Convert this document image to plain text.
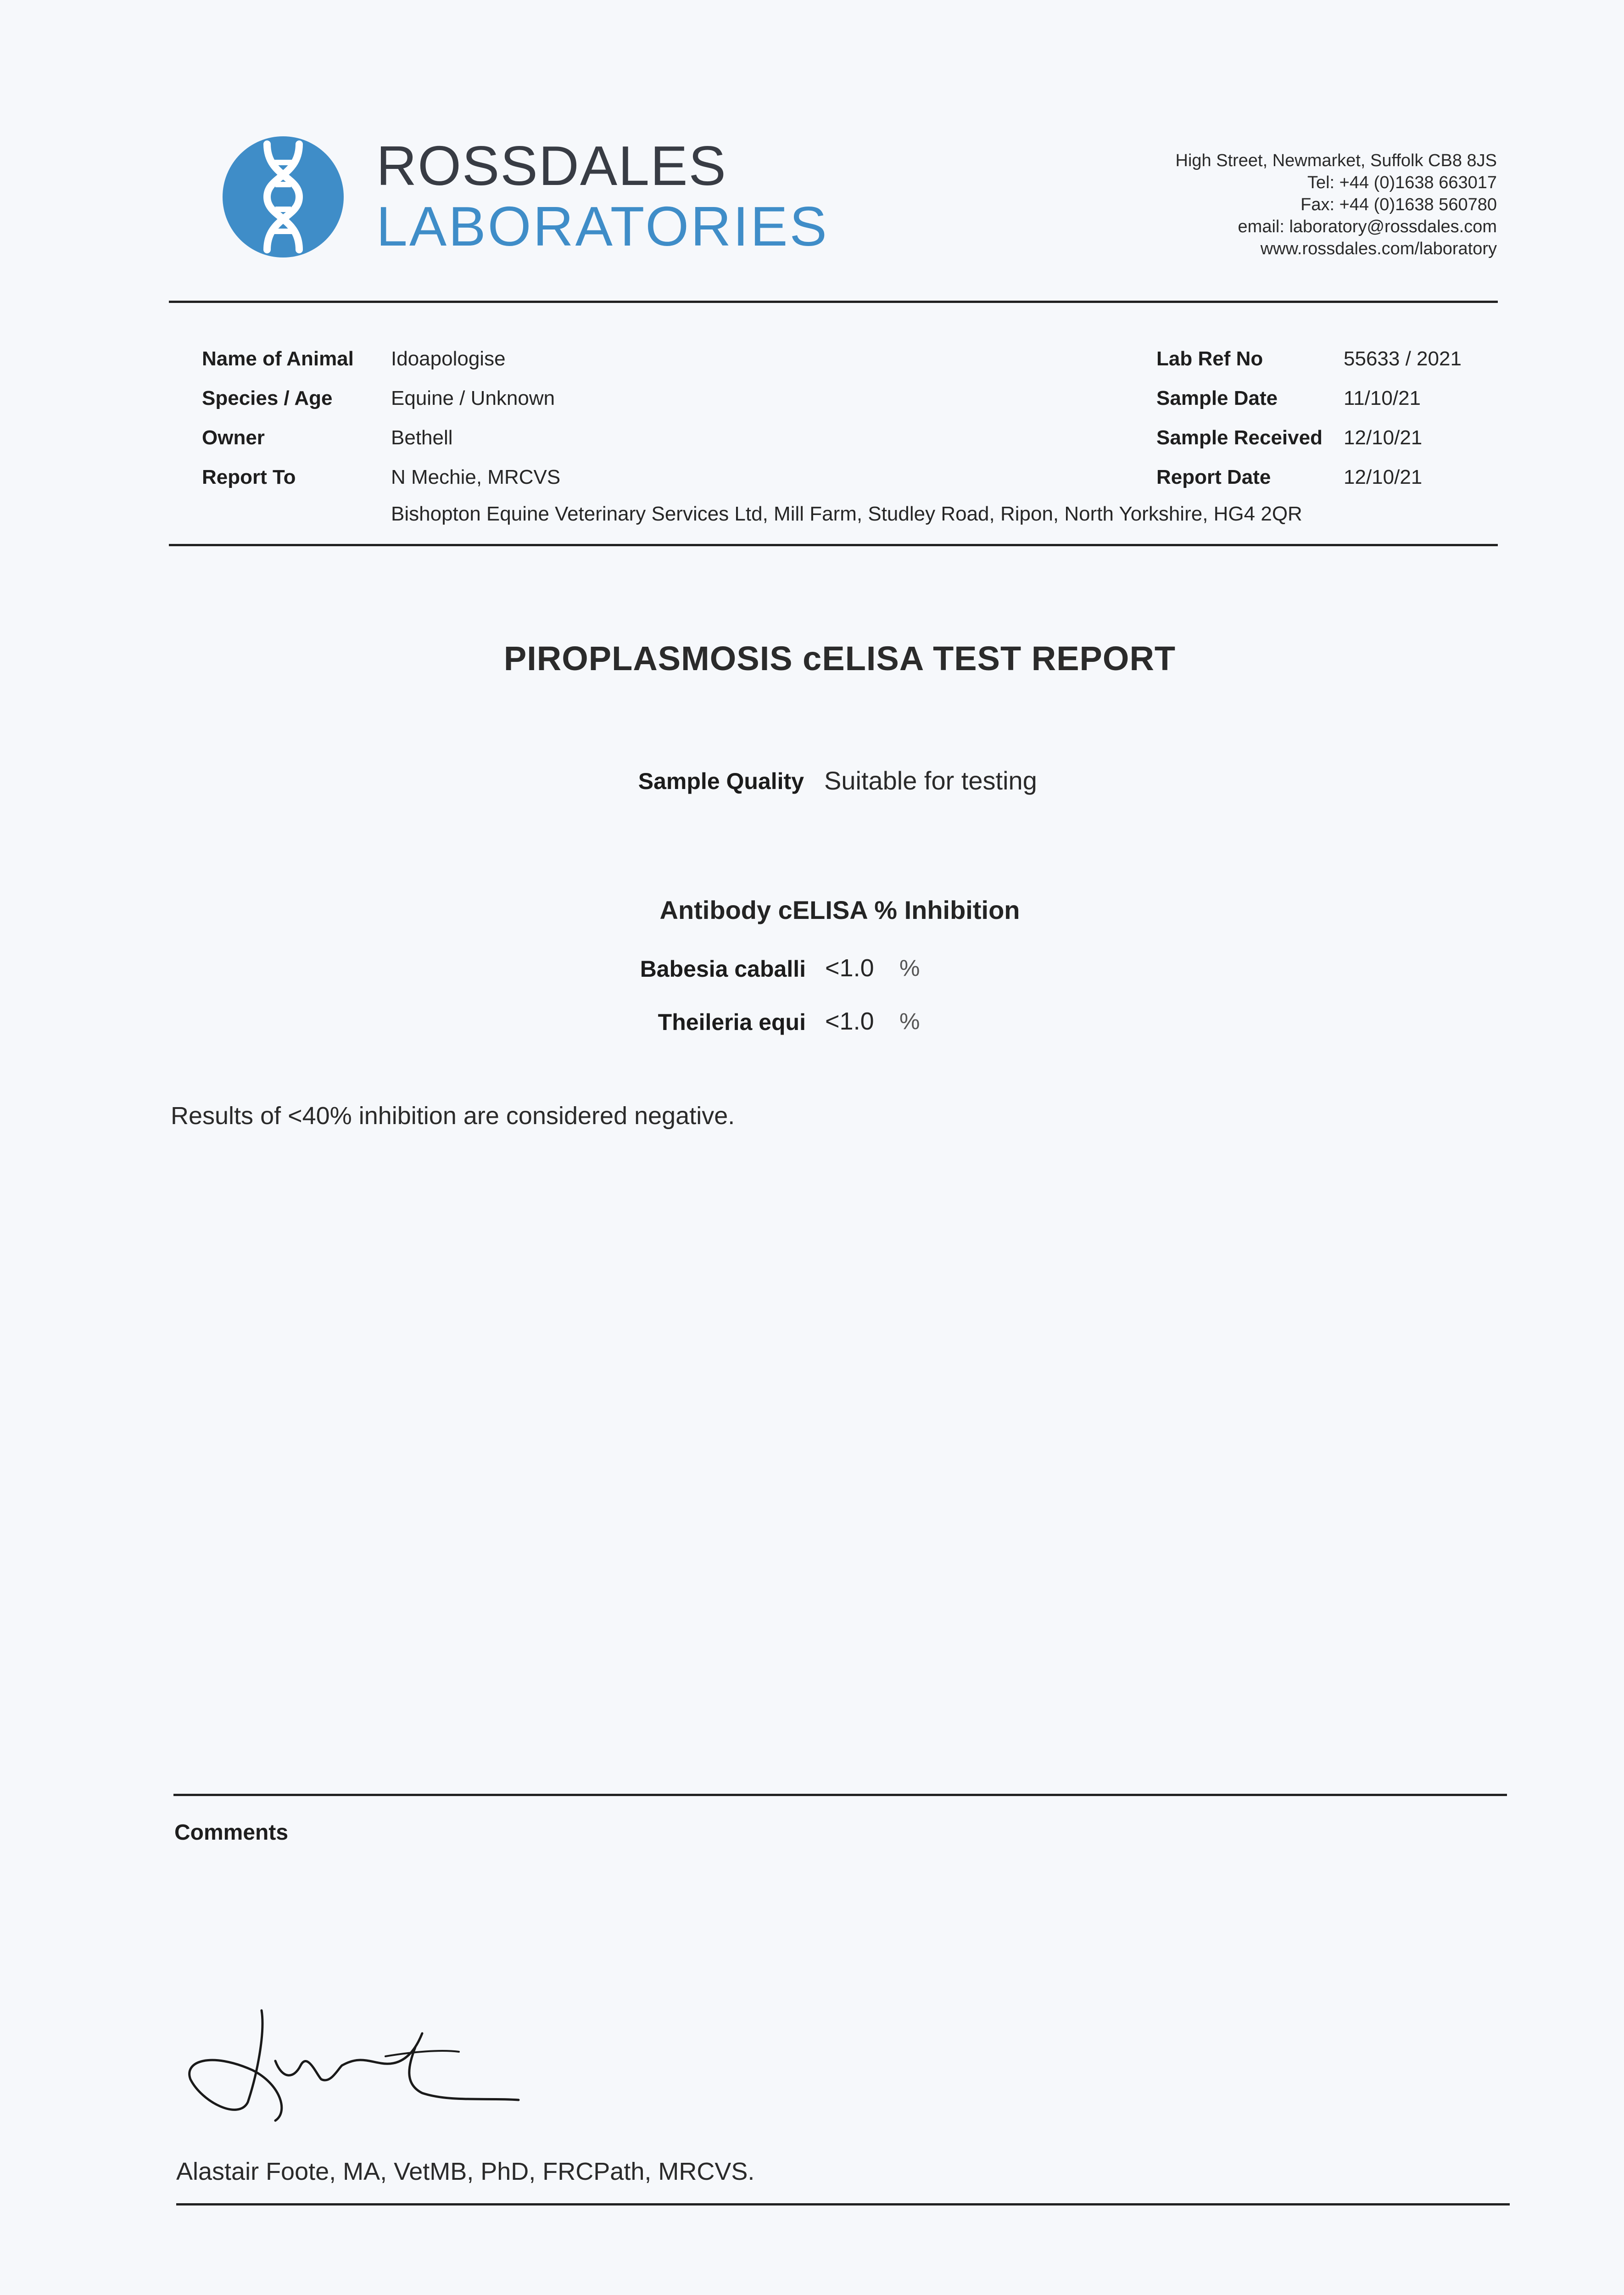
ROSSDALES
LABORATORIES
High Street, Newmarket, Suffolk CB8 8JS
Tel: +44 (0)1638 663017
Fax: +44 (0)1638 560780
email: laboratory@rossdales.com
www.rossdales.com/laboratory
Name of Animal Idoapologise
Species / Age	Equine / Unknown
Owner	Bethell
Report To	N Mechie, MRCVS
Bishopton Equine Veterinary Services Ltd, Mill Farm, Studley Road, Ripon, North Yorkshire, HG4 2QR
Lab Ref No	55633 / 2021
Sample Date	11/10/21
Sample Received 12/10/21
Report Date	12/10/21
PIROPLASMOSIS cELISA TEST REPORT
Sample Quality Suitable for testing
Antibody cELISA % Inhibition
Babesia caballi <1.0 %
Theileria equi <1.0 %
Results of <40% inhibition are considered negative.
Comments
Alastair Foote, MA, VetMB, PhD, FRCPath, MRCVS.
